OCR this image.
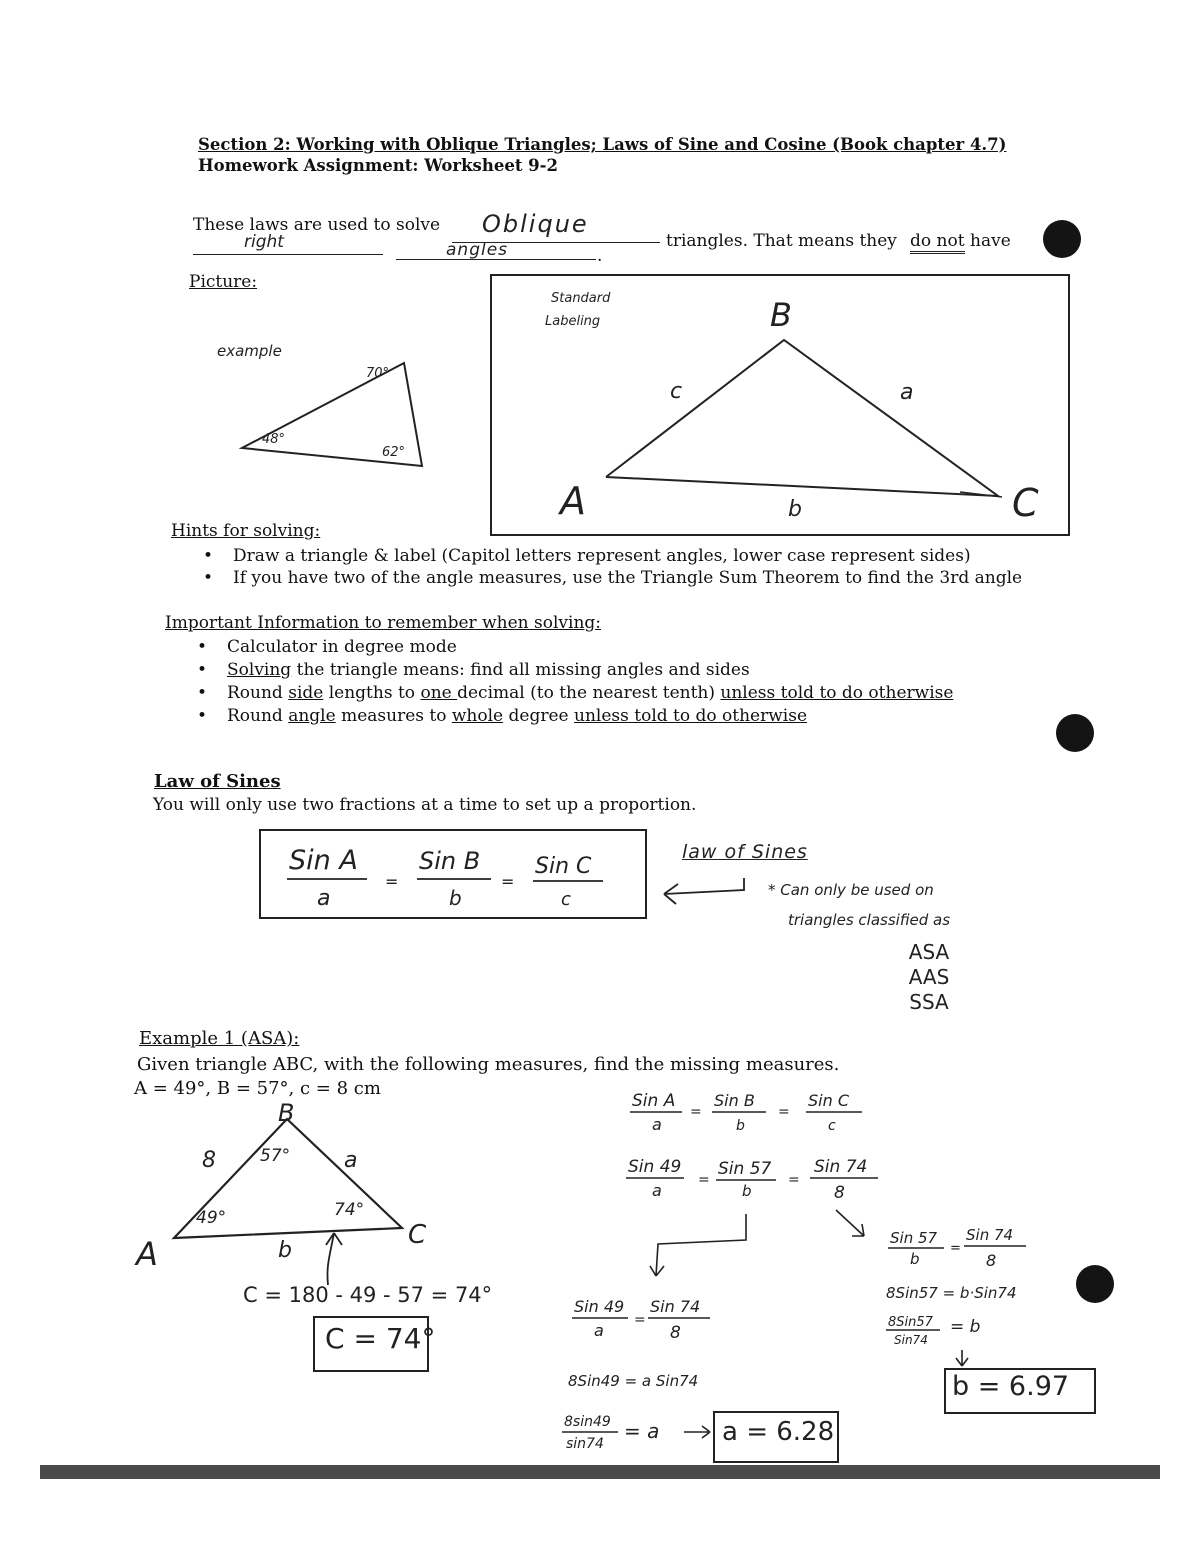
Section 2: Working with Oblique Triangles; Laws of Sine and Cosine (Book chapter 4.7)
Homework Assignment: Worksheet 9-2
These laws are used to solve Oblique
triangles. That means they do not have
right	angles	.
Picture:
example
70°
48°
62°
Standard
Labeling	B
A	C
a
b
c
Hints for solving:
• Draw a triangle & label (Capitol letters represent angles, lower case represent sides)
• If you have two of the angle measures, use the Triangle Sum Theorem to find the 3rd angle
Important Information to remember when solving:
• Calculator in degree mode
• Solving the triangle means: find all missing angles and sides
• Round side lengths to one decimal (to the nearest tenth) unless told to do otherwise
• Round angle measures to whole degree unless told to do otherwise
Law of Sines
You will only use two fractions at a time to set up a proportion.
Sin A
a
=
Sin B
b
=
Sin C
c
law of Sines
* Can only be used on
triangles classified as
ASA
AAS
SSA
Example 1 (ASA):
Given triangle ABC, with the following measures, find the missing measures.
A = 49°, B = 57°, c = 8 cm
B
A	C
8	a
b
57°
49°	74°
C = 180 - 49 - 57 = 74°
C = 74°
Sin A
a
=
Sin B
b
=
Sin C
c
Sin 49
a
=
Sin 57
b
=
Sin 74
8
Sin 49
a
=
Sin 74
8
8Sin49 = a Sin74
8sin49
sin74
= a
Sin 57
b
=
Sin 74
8
8Sin57 = b·Sin74
8Sin57
Sin74
= b
a = 6.28
b = 6.97
